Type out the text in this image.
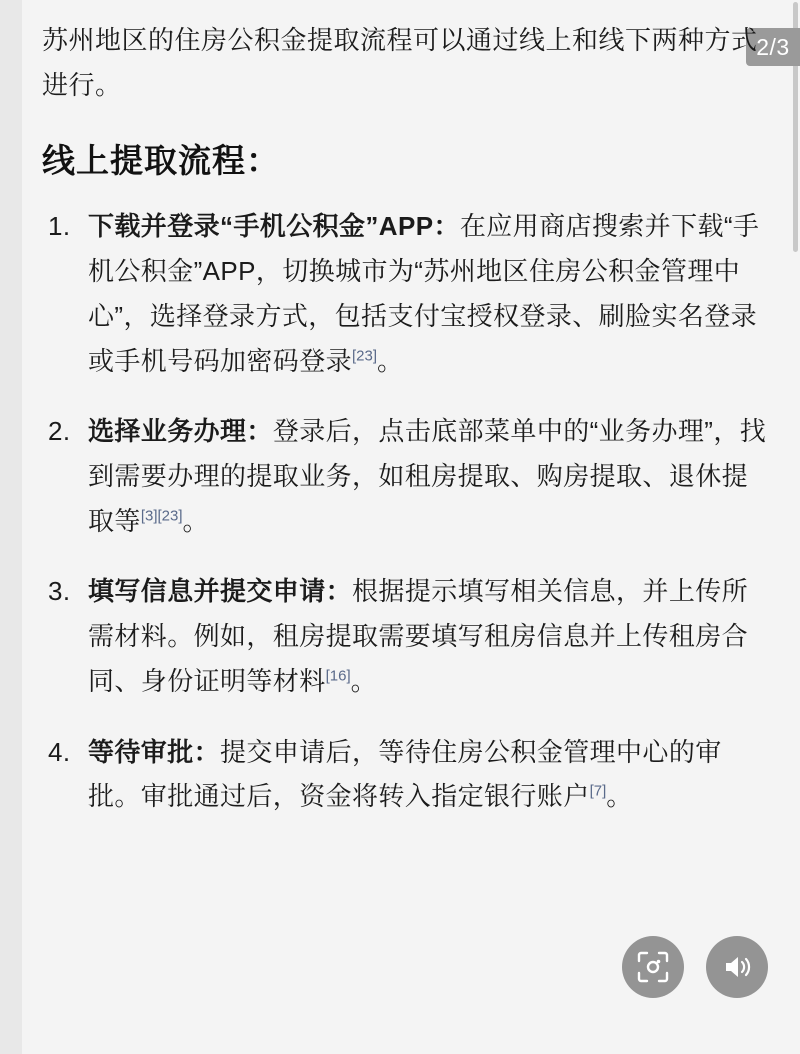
2/3

苏州地区的住房公积金提取流程可以通过线上和线下两种方式进行。

线上提取流程：
下载并登录“手机公积金”APP：在应用商店搜索并下载“手机公积金”APP，切换城市为“苏州地区住房公积金管理中心”，选择登录方式，包括支付宝授权登录、刷脸实名登录或手机号码加密码登录[23]。
选择业务办理：登录后，点击底部菜单中的“业务办理”，找到需要办理的提取业务，如租房提取、购房提取、退休提取等[3][23]。
填写信息并提交申请：根据提示填写相关信息，并上传所需材料。例如，租房提取需要填写租房信息并上传租房合同、身份证明等材料[16]。
等待审批：提交申请后，等待住房公积金管理中心的审批。审批通过后，资金将转入指定银行账户[7]。
